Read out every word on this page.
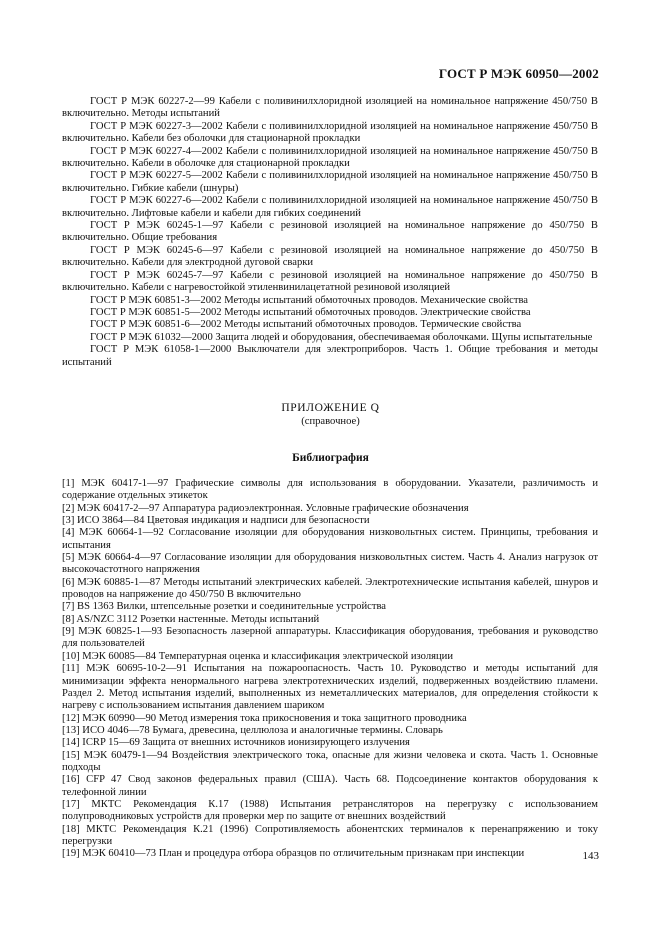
ГОСТ Р МЭК 60950—2002

ГОСТ Р МЭК 60227-2—99 Кабели с поливинилхлоридной изоляцией на номинальное напряжение 450/750 В включительно. Методы испытаний

ГОСТ Р МЭК 60227-3—2002 Кабели с поливинилхлоридной изоляцией на номинальное напряжение 450/750 В включительно. Кабели без оболочки для стационарной прокладки

ГОСТ Р МЭК 60227-4—2002 Кабели с поливинилхлоридной изоляцией на номинальное напряжение 450/750 В включительно. Кабели в оболочке для стационарной прокладки

ГОСТ Р МЭК 60227-5—2002 Кабели с поливинилхлоридной изоляцией на номинальное напряжение 450/750 В включительно. Гибкие кабели (шнуры)

ГОСТ Р МЭК 60227-6—2002 Кабели с поливинилхлоридной изоляцией на номинальное напряжение 450/750 В включительно. Лифтовые кабели и кабели для гибких соединений

ГОСТ Р МЭК 60245-1—97 Кабели с резиновой изоляцией на номинальное напряжение до 450/750 В включительно. Общие требования

ГОСТ Р МЭК 60245-6—97 Кабели с резиновой изоляцией на номинальное напряжение до 450/750 В включительно. Кабели для электродной дуговой сварки

ГОСТ Р МЭК 60245-7—97 Кабели с резиновой изоляцией на номинальное напряжение до 450/750 В включительно. Кабели с нагревостойкой этиленвинилацетатной резиновой изоляцией

ГОСТ Р МЭК 60851-3—2002 Методы испытаний обмоточных проводов. Механические свойства

ГОСТ Р МЭК 60851-5—2002 Методы испытаний обмоточных проводов. Электрические свойства

ГОСТ Р МЭК 60851-6—2002 Методы испытаний обмоточных проводов. Термические свойства

ГОСТ Р МЭК 61032—2000 Защита людей и оборудования, обеспечиваемая оболочками. Щупы испытательные

ГОСТ Р МЭК 61058-1—2000 Выключатели для электроприборов. Часть 1. Общие требования и методы испытаний

ПРИЛОЖЕНИЕ Q
(справочное)
Библиография

[1] МЭК 60417-1—97 Графические символы для использования в оборудовании. Указатели, различимость и содержание отдельных этикеток

[2] МЭК 60417-2—97 Аппаратура радиоэлектронная. Условные графические обозначения

[3] ИСО 3864—84 Цветовая индикация и надписи для безопасности

[4] МЭК 60664-1—92 Согласование изоляции для оборудования низковольтных систем. Принципы, требования и испытания

[5] МЭК 60664-4—97 Согласование изоляции для оборудования низковольтных систем. Часть 4. Анализ нагрузок от высокочастотного напряжения

[6] МЭК 60885-1—87 Методы испытаний электрических кабелей. Электротехнические испытания кабелей, шнуров и проводов на напряжение до 450/750 В включительно

[7] BS 1363 Вилки, штепсельные розетки и соединительные устройства

[8] AS/NZC 3112 Розетки настенные. Методы испытаний

[9] МЭК 60825-1—93 Безопасность лазерной аппаратуры. Классификация оборудования, требования и руководство для пользователей

[10] МЭК 60085—84 Температурная оценка и классификация электрической изоляции

[11] МЭК 60695-10-2—91 Испытания на пожароопасность. Часть 10. Руководство и методы испытаний для минимизации эффекта ненормального нагрева электротехнических изделий, подверженных воздействию пламени. Раздел 2. Метод испытания изделий, выполненных из неметаллических материалов, для определения стойкости к нагреву с использованием испытания давлением шариком

[12] МЭК 60990—90 Метод измерения тока прикосновения и тока защитного проводника

[13] ИСО 4046—78 Бумага, древесина, целлюлоза и аналогичные термины. Словарь

[14] ICRP 15—69 Защита от внешних источников ионизирующего излучения

[15] МЭК 60479-1—94 Воздействия электрического тока, опасные для жизни человека и скота. Часть 1. Основные подходы

[16] CFP 47 Свод законов федеральных правил (США). Часть 68. Подсоединение контактов оборудования к телефонной линии

[17] МКТС Рекомендация К.17 (1988) Испытания ретрансляторов на перегрузку с использованием полупроводниковых устройств для проверки мер по защите от внешних воздействий

[18] МКТС Рекомендация К.21 (1996) Сопротивляемость абонентских терминалов к перенапряжению и току перегрузки

[19] МЭК 60410—73 План и процедура отбора образцов по отличительным признакам при инспекции	143
